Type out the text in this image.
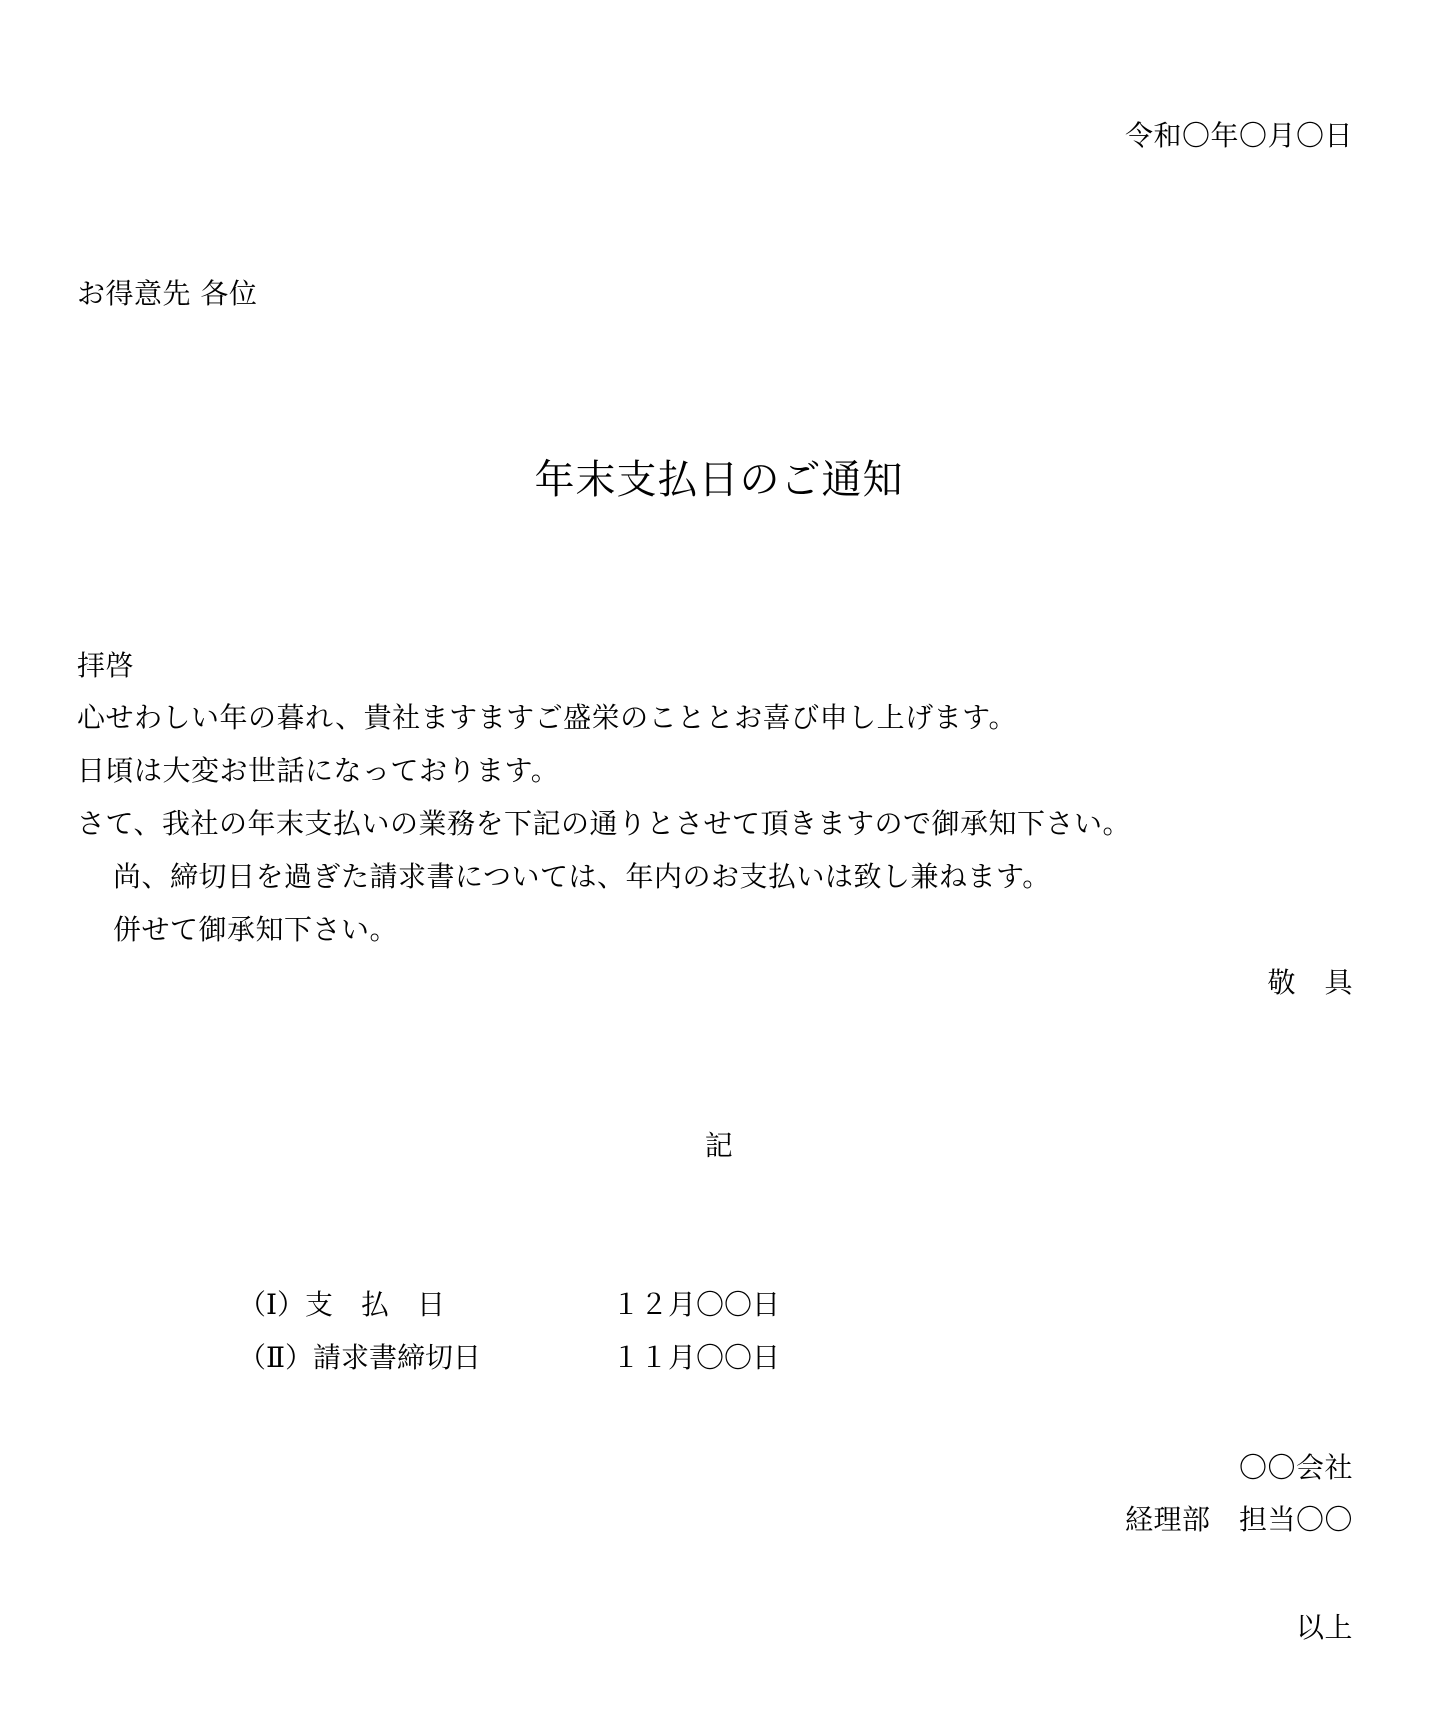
令和〇年〇月〇日
お得意先 各位
年末支払日のご通知
拝啓
心せわしい年の暮れ、貴社ますますご盛栄のこととお喜び申し上げます。
日頃は大変お世話になっております。
さて、我社の年末支払いの業務を下記の通りとさせて頂きますので御承知下さい。
尚、締切日を過ぎた請求書については、年内のお支払いは致し兼ねます。
併せて御承知下さい。
敬　具
記
（Ⅰ）支　払　日	１２月〇〇日
（Ⅱ）請求書締切日	１１月〇〇日
〇〇会社
経理部　担当〇〇
以上
